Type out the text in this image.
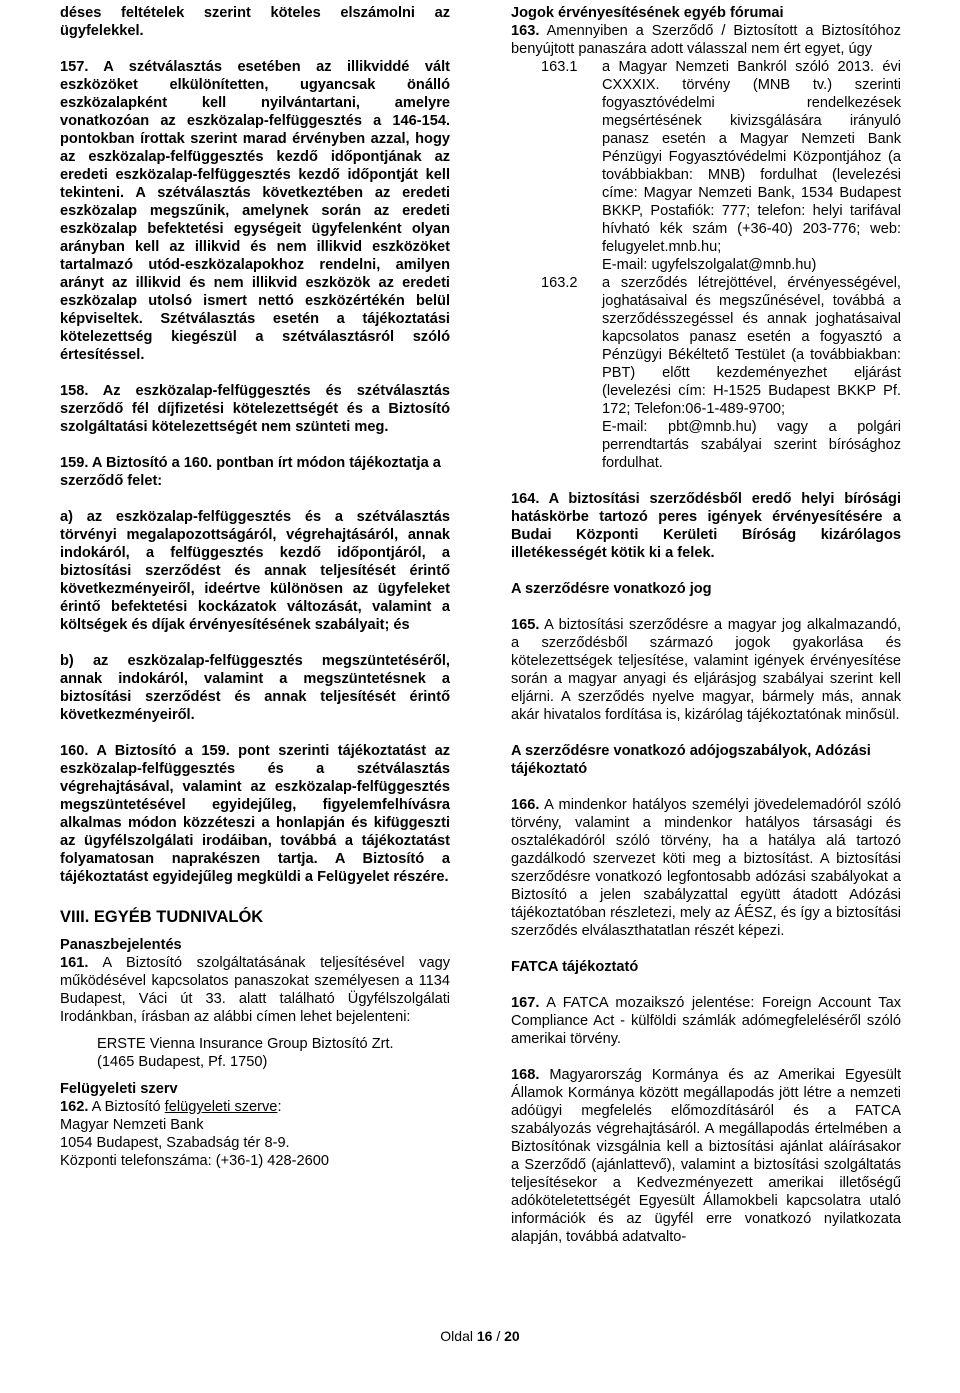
déses feltételek szerint köteles elszámolni az ügyfelekkel.

157. A szétválasztás esetében az illikviddé vált eszközöket elkülönítetten, ugyancsak önálló eszközalapként kell nyilvántartani, amelyre vonatkozóan az eszközalap-felfüggesztés a 146-154. pontokban írottak szerint marad érvényben azzal, hogy az eszközalap-felfüggesztés kezdő időpontjának az eredeti eszközalap-felfüggesztés kezdő időpontját kell tekinteni. A szétválasztás következtében az eredeti eszközalap megszűnik, amelynek során az eredeti eszközalap befektetési egységeit ügyfelenként olyan arányban kell az illikvid és nem illikvid eszközöket tartalmazó utód-eszközalapokhoz rendelni, amilyen arányt az illikvid és nem illikvid eszközök az eredeti eszközalap utolsó ismert nettó eszközértékén belül képviseltek. Szétválasztás esetén a tájékoztatási kötelezettség kiegészül a szétválasztásról szóló értesítéssel.

158. Az eszközalap-felfüggesztés és szétválasztás szerződő fél díjfizetési kötelezettségét és a Biztosító szolgáltatási kötelezettségét nem szünteti meg.

159. A Biztosító a 160. pontban írt módon tájékoztatja a szerződő felet:

a) az eszközalap-felfüggesztés és a szétválasztás törvényi megalapozottságáról, végrehajtásáról, annak indokáról, a felfüggesztés kezdő időpontjáról, a biztosítási szerződést és annak teljesítését érintő következményeiről, ideértve különösen az ügyfeleket érintő befektetési kockázatok változását, valamint a költségek és díjak érvényesítésének szabályait; és

b) az eszközalap-felfüggesztés megszüntetéséről, annak indokáról, valamint a megszüntetésnek a biztosítási szerződést és annak teljesítését érintő következményeiről.

160. A Biztosító a 159. pont szerinti tájékoztatást az eszközalap-felfüggesztés és a szétválasztás végrehajtásával, valamint az eszközalap-felfüggesztés megszüntetésével egyidejűleg, figyelemfelhívásra alkalmas módon közzéteszi a honlapján és kifüggeszti az ügyfélszolgálati irodáiban, továbbá a tájékoztatást folyamatosan naprakészen tartja. A Biztosító a tájékoztatást egyidejűleg megküldi a Felügyelet részére.

VIII. EGYÉB TUDNIVALÓK

Panaszbejelentés

161. A Biztosító szolgáltatásának teljesítésével vagy működésével kapcsolatos panaszokat személyesen a 1134 Budapest, Váci út 33. alatt található Ügyfélszolgálati Irodánkban, írásban az alábbi címen lehet bejelenteni:

ERSTE Vienna Insurance Group Biztosító Zrt.

(1465 Budapest, Pf. 1750)

Felügyeleti szerv

162. A Biztosító felügyeleti szerve:

Magyar Nemzeti Bank

1054 Budapest, Szabadság tér 8-9.

Központi telefonszáma: (+36-1) 428-2600

Jogok érvényesítésének egyéb fórumai

163. Amennyiben a Szerződő / Biztosított a Biztosítóhoz benyújtott panaszára adott válasszal nem ért egyet, úgy

163.1	a Magyar Nemzeti Bankról szóló 2013. évi CXXXIX. törvény (MNB tv.) szerinti fogyasztóvédelmi rendelkezések megsértésének kivizsgálására irányuló panasz esetén a Magyar Nemzeti Bank Pénzügyi Fogyasztóvédelmi Központjához (a továbbiakban: MNB) fordulhat (levelezési címe: Magyar Nemzeti Bank, 1534 Budapest BKKP, Postafiók: 777; telefon: helyi tarifával hívható kék szám (+36-40) 203-776; web: felugyelet.mnb.hu;
E-mail: ugyfelszolgalat@mnb.hu)
163.2	a szerződés létrejöttével, érvényességével, joghatásaival és megszűnésével, továbbá a szerződésszegéssel és annak joghatásaival kapcsolatos panasz esetén a fogyasztó a Pénzügyi Békéltető Testület (a továbbiakban: PBT) előtt kezdeményezhet eljárást (levelezési cím: H-1525 Budapest BKKP Pf. 172; Telefon:06-1-489-9700;
E-mail: pbt@mnb.hu) vagy a polgári perrendtartás szabályai szerint bírósághoz fordulhat.

164. A biztosítási szerződésből eredő helyi bírósági hatáskörbe tartozó peres igények érvényesítésére a Budai Központi Kerületi Bíróság kizárólagos illetékességét kötik ki a felek.

A szerződésre vonatkozó jog

165. A biztosítási szerződésre a magyar jog alkalmazandó, a szerződésből származó jogok gyakorlása és kötelezettségek teljesítése, valamint igények érvényesítése során a magyar anyagi és eljárásjog szabályai szerint kell eljárni. A szerződés nyelve magyar, bármely más, annak akár hivatalos fordítása is, kizárólag tájékoztatónak minősül.

A szerződésre vonatkozó adójogszabályok, Adózási tájékoztató

166. A mindenkor hatályos személyi jövedelemadóról szóló törvény, valamint a mindenkor hatályos társasági és osztalékadóról szóló törvény, ha a hatálya alá tartozó gazdálkodó szervezet köti meg a biztosítást. A biztosítási szerződésre vonatkozó legfontosabb adózási szabályokat a Biztosító a jelen szabályzattal együtt átadott Adózási tájékoztatóban részletezi, mely az ÁÉSZ, és így a biztosítási szerződés elválaszthatatlan részét képezi.

FATCA tájékoztató

167. A FATCA mozaikszó jelentése: Foreign Account Tax Compliance Act - külföldi számlák adómegfeleléséről szóló amerikai törvény.

168. Magyarország Kormánya és az Amerikai Egyesült Államok Kormánya között megállapodás jött létre a nemzeti adóügyi megfelelés előmozdításáról és a FATCA szabályozás végrehajtásáról. A megállapodás értelmében a Biztosítónak vizsgálnia kell a biztosítási ajánlat aláírásakor a Szerződő (ajánlattevő), valamint a biztosítási szolgáltatás teljesítésekor a Kedvezményezett amerikai illetőségű adóköteletettségét Egyesült Államokbeli kapcsolatra utaló információk és az ügyfél erre vonatkozó nyilatkozata alapján, továbbá adatvalto-

Oldal 16 / 20
